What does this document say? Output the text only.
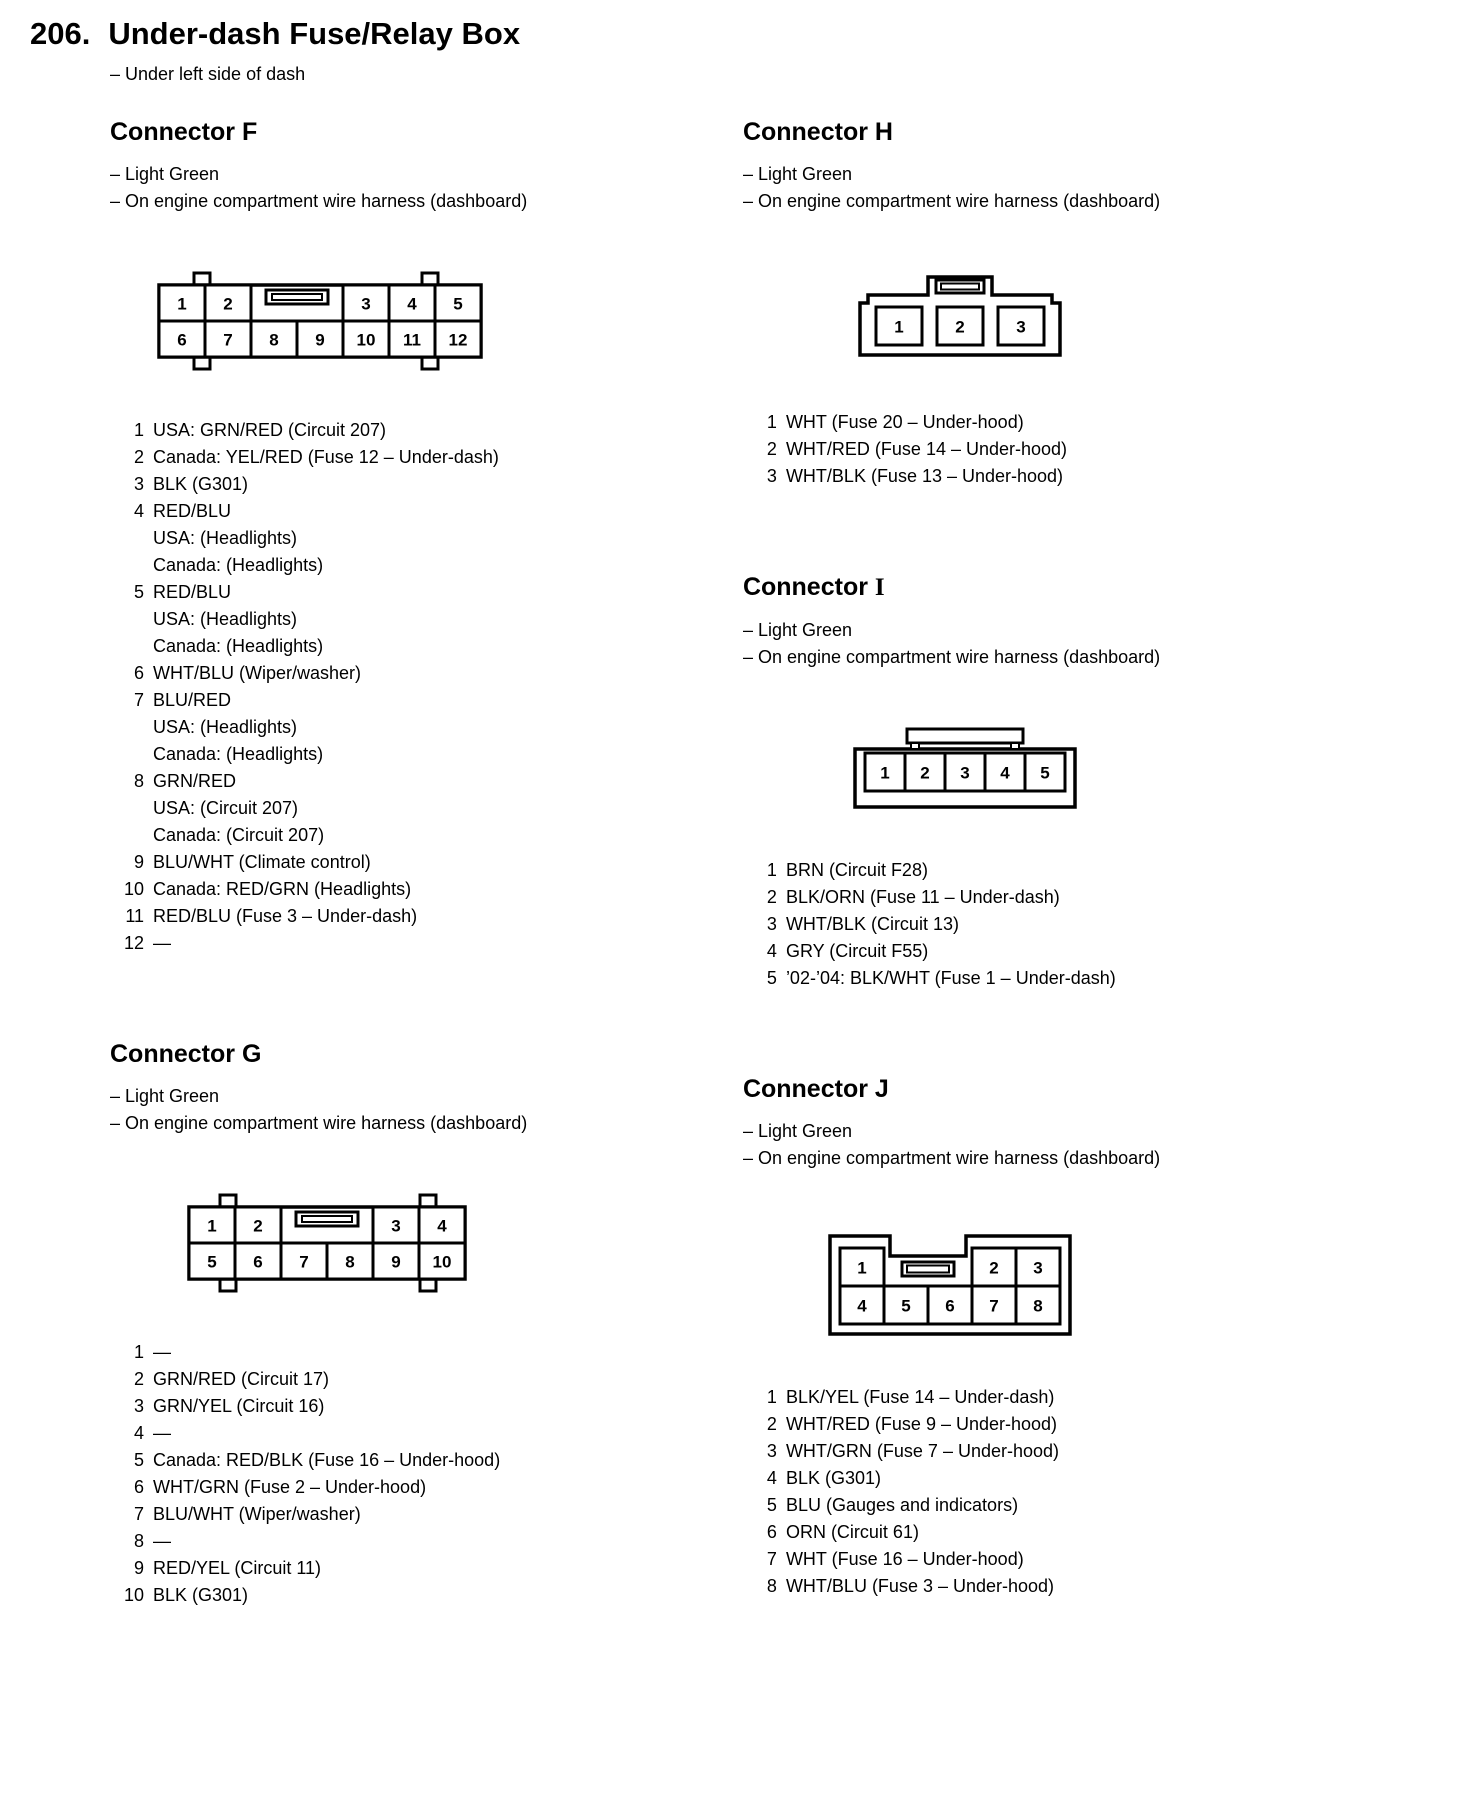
206. Under-dash Fuse/Relay Box
– Under left side of dash
Connector F
– Light Green
– On engine compartment wire harness (dashboard)
1 2	3 4 5
6 7 8 9 10 11 12
1 USA: GRN/RED (Circuit 207)
2 Canada: YEL/RED (Fuse 12 – Under-dash)
3 BLK (G301)
4 RED/BLU
USA: (Headlights)
Canada: (Headlights)
5 RED/BLU
USA: (Headlights)
Canada: (Headlights)
6 WHT/BLU (Wiper/washer)
7 BLU/RED
USA: (Headlights)
Canada: (Headlights)
8 GRN/RED
USA: (Circuit 207)
Canada: (Circuit 207)
9 BLU/WHT (Climate control)
10 Canada: RED/GRN (Headlights)
11 RED/BLU (Fuse 3 – Under-dash)
12 —
Connector G
– Light Green
– On engine compartment wire harness (dashboard)
1 2	3 4
5 6 7 8 9 10
1 —
2 GRN/RED (Circuit 17)
3 GRN/YEL (Circuit 16)
4 —
5 Canada: RED/BLK (Fuse 16 – Under-hood)
6 WHT/GRN (Fuse 2 – Under-hood)
7 BLU/WHT (Wiper/washer)
8 —
9 RED/YEL (Circuit 11)
10 BLK (G301)
Connector H
– Light Green
– On engine compartment wire harness (dashboard)
1	2	3
1 WHT (Fuse 20 – Under-hood)
2 WHT/RED (Fuse 14 – Under-hood)
3 WHT/BLK (Fuse 13 – Under-hood)
Connector I
– Light Green
– On engine compartment wire harness (dashboard)
1 2 3 4 5
1 BRN (Circuit F28)
2 BLK/ORN (Fuse 11 – Under-dash)
3 WHT/BLK (Circuit 13)
4 GRY (Circuit F55)
5 ’02-’04: BLK/WHT (Fuse 1 – Under-dash)
Connector J
– Light Green
– On engine compartment wire harness (dashboard)
1	2 3
4 5 6 7 8
1 BLK/YEL (Fuse 14 – Under-dash)
2 WHT/RED (Fuse 9 – Under-hood)
3 WHT/GRN (Fuse 7 – Under-hood)
4 BLK (G301)
5 BLU (Gauges and indicators)
6 ORN (Circuit 61)
7 WHT (Fuse 16 – Under-hood)
8 WHT/BLU (Fuse 3 – Under-hood)
